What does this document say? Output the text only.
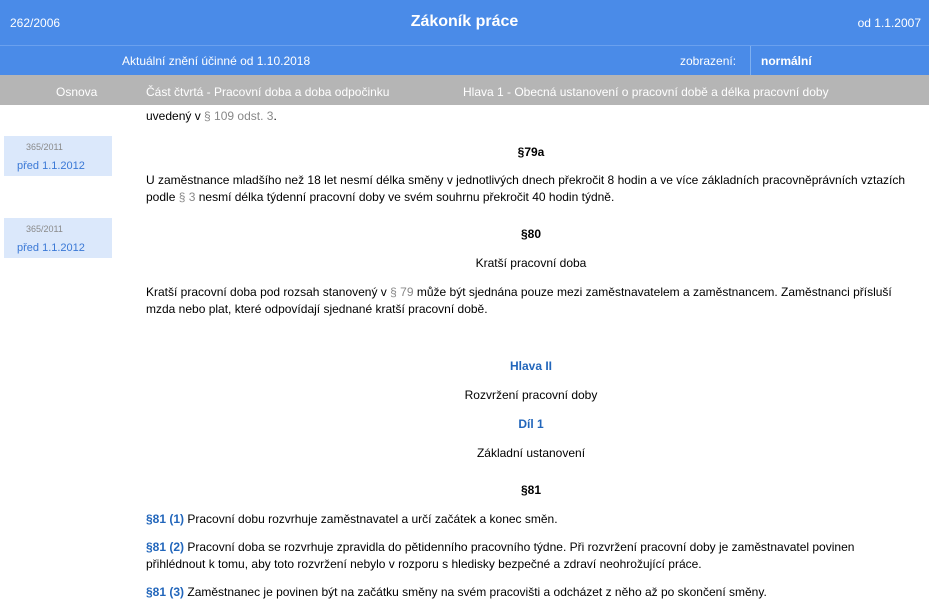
262/2006	Zákoník práce	od 1.1.2007
Aktuální znění účinné od 1.10.2018	zobrazení: normální
Osnova	Část čtvrtá - Pracovní doba a doba odpočinku	Hlava 1 - Obecná ustanovení o pracovní době a délka pracovní doby
365/2011
před 1.1.2012
365/2011
před 1.1.2012
uvedený v § 109 odst. 3.
§79a
U zaměstnance mladšího než 18 let nesmí délka směny v jednotlivých dnech překročit 8 hodin a ve více základních pracovněprávních vztazích podle § 3 nesmí délka týdenní pracovní doby ve svém souhrnu překročit 40 hodin týdně.
§80
Kratší pracovní doba
Kratší pracovní doba pod rozsah stanovený v § 79 může být sjednána pouze mezi zaměstnavatelem a zaměstnancem. Zaměstnanci přísluší mzda nebo plat, které odpovídají sjednané kratší pracovní době.
Hlava II
Rozvržení pracovní doby
Díl 1
Základní ustanovení
§81
§81 (1) Pracovní dobu rozvrhuje zaměstnavatel a určí začátek a konec směn.
§81 (2) Pracovní doba se rozvrhuje zpravidla do pětidenního pracovního týdne. Při rozvržení pracovní doby je zaměstnavatel povinen přihlédnout k tomu, aby toto rozvržení nebylo v rozporu s hledisky bezpečné a zdraví neohrožující práce.
§81 (3) Zaměstnanec je povinen být na začátku směny na svém pracovišti a odcházet z něho až po skončení směny.
